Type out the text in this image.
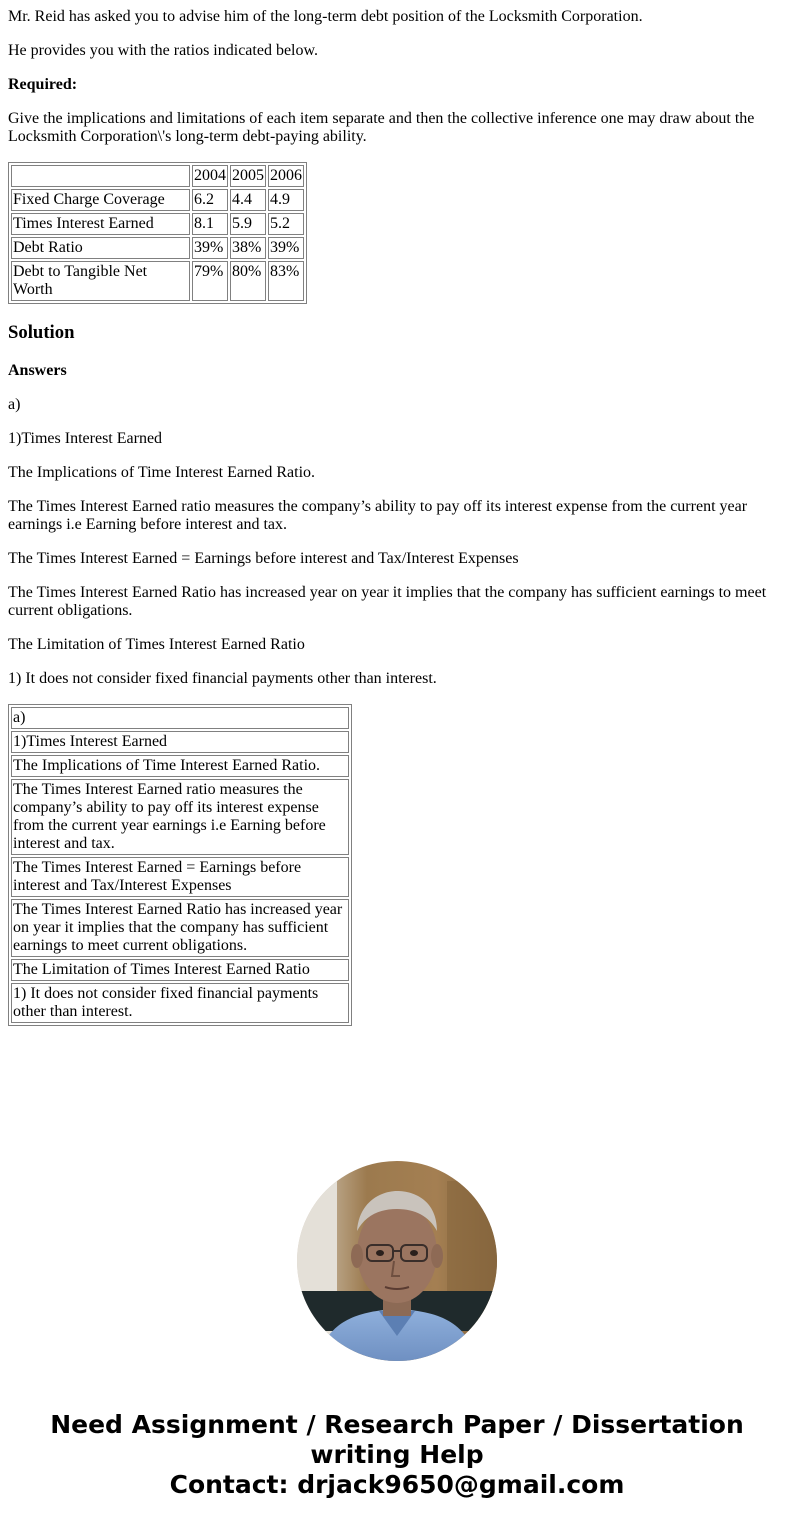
Mr. Reid has asked you to advise him of the long-term debt position of the Locksmith Corporation.

He provides you with the ratios indicated below.

Required:

Give the implications and limitations of each item separate and then the collective inference one may draw about the Locksmith Corporation\'s long-term debt-paying ability.

	2004	2005	2006
Fixed Charge Coverage	6.2	4.4	4.9
Times Interest Earned	8.1	5.9	5.2
Debt Ratio	39%	38%	39%
Debt to Tangible Net Worth	79%	80%	83%
Solution

Answers

a)

1)Times Interest Earned

The Implications of Time Interest Earned Ratio.

The Times Interest Earned ratio measures the company’s ability to pay off its interest expense from the current year earnings i.e Earning before interest and tax.

The Times Interest Earned = Earnings before interest and Tax/Interest Expenses

The Times Interest Earned Ratio has increased year on year it implies that the company has sufficient earnings to meet current obligations.

The Limitation of Times Interest Earned Ratio

1) It does not consider fixed financial payments other than interest.

a)
1)Times Interest Earned
The Implications of Time Interest Earned Ratio.
The Times Interest Earned ratio measures the company’s ability to pay off its interest expense from the current year earnings i.e Earning before interest and tax.
The Times Interest Earned = Earnings before interest and Tax/Interest Expenses
The Times Interest Earned Ratio has increased year on year it implies that the company has sufficient earnings to meet current obligations.
The Limitation of Times Interest Earned Ratio
1) It does not consider fixed financial payments other than interest.
Need Assignment / Research Paper / Dissertation
writing Help
Contact: drjack9650@gmail.com
